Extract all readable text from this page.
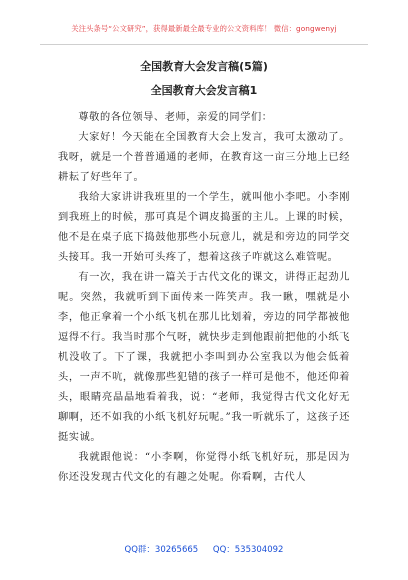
关注头条号“公文研究”，获得最新最全最专业的公文资料库！ 微信：gongwenyj
全国教育大会发言稿(5篇)
全国教育大会发言稿1

尊敬的各位领导、老师，亲爱的同学们：

大家好！今天能在全国教育大会上发言，我可太激动了。我呀，就是一个普普通通的老师，在教育这一亩三分地上已经耕耘了好些年了。

我给大家讲讲我班里的一个学生，就叫他小李吧。小李刚到我班上的时候，那可真是个调皮捣蛋的主儿。上课的时候，他不是在桌子底下捣鼓他那些小玩意儿，就是和旁边的同学交头接耳。我一开始可头疼了，想着这孩子咋就这么难管呢。

有一次，我在讲一篇关于古代文化的课文，讲得正起劲儿呢。突然，我就听到下面传来一阵笑声。我一瞅，嘿就是小李，他正拿着一个小纸飞机在那儿比划着，旁边的同学都被他逗得不行。我当时那个气呀，就快步走到他跟前把他的小纸飞机没收了。下了课，我就把小李叫到办公室我以为他会低着头，一声不吭，就像那些犯错的孩子一样可是他不，他还仰着头，眼睛亮晶晶地看着我，说：“老师，我觉得古代文化好无聊啊，还不如我的小纸飞机好玩呢。”我一听就乐了，这孩子还挺实诚。

我就跟他说：“小李啊，你觉得小纸飞机好玩，那是因为你还没发现古代文化的有趣之处呢。你看啊，古代人

QQ群：30265665 QQ：535304092
